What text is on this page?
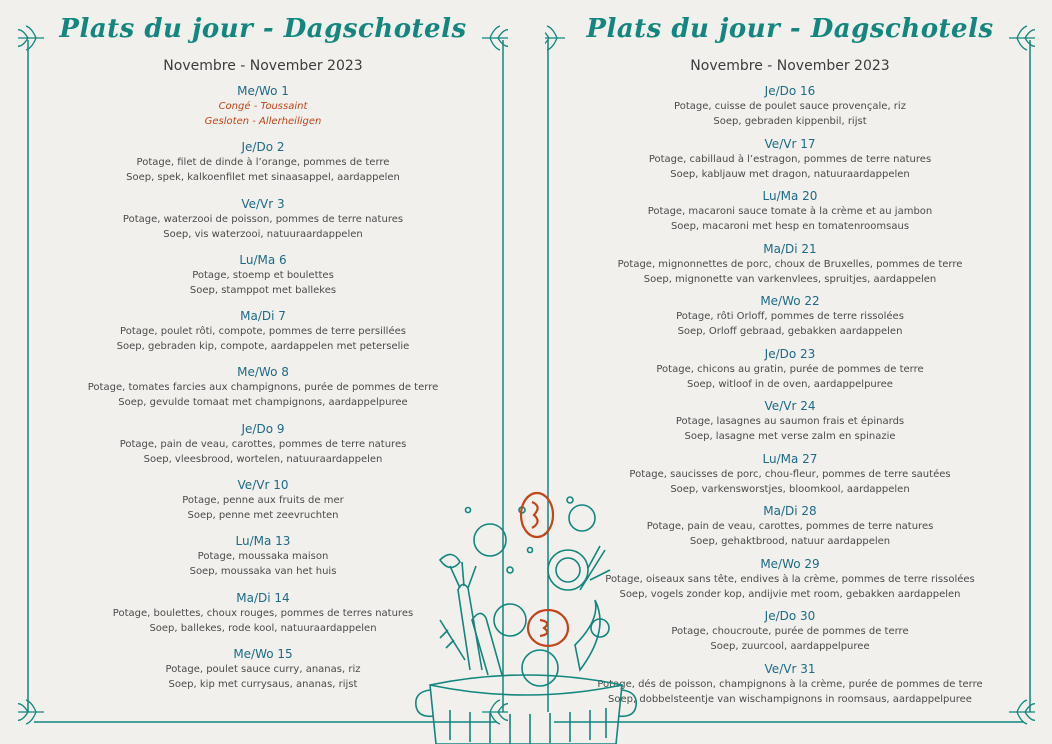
Plats du jour - Dagschotels
Novembre - November 2023
Me/Wo 1
Congé - Toussaint
Gesloten - Allerheiligen
Je/Do 2
Potage, filet de dinde à l’orange, pommes de terre
Soep, spek, kalkoenfilet met sinaasappel, aardappelen
Ve/Vr 3
Potage, waterzooi de poisson, pommes de terre natures
Soep, vis waterzooi, natuuraardappelen
Lu/Ma 6
Potage, stoemp et boulettes
Soep, stamppot met ballekes
Ma/Di 7
Potage, poulet rôti, compote, pommes de terre persillées
Soep, gebraden kip, compote, aardappelen met peterselie
Me/Wo 8
Potage, tomates farcies aux champignons, purée de pommes de terre
Soep, gevulde tomaat met champignons, aardappelpuree
Je/Do 9
Potage, pain de veau, carottes, pommes de terre natures
Soep, vleesbrood, wortelen, natuuraardappelen
Ve/Vr 10
Potage, penne aux fruits de mer
Soep, penne met zeevruchten
Lu/Ma 13
Potage, moussaka maison
Soep, moussaka van het huis
Ma/Di 14
Potage, boulettes, choux rouges, pommes de terres natures
Soep, ballekes, rode kool, natuuraardappelen
Me/Wo 15
Potage, poulet sauce curry, ananas, riz
Soep, kip met currysaus, ananas, rijst
Plats du jour - Dagschotels
Novembre - November 2023
Je/Do 16
Potage, cuisse de poulet sauce provençale, riz
Soep, gebraden kippenbil, rijst
Ve/Vr 17
Potage, cabillaud à l’estragon, pommes de terre natures
Soep, kabljauw met dragon, natuuraardappelen
Lu/Ma 20
Potage, macaroni sauce tomate à la crème et au jambon
Soep, macaroni met hesp en tomatenroomsaus
Ma/Di 21
Potage, mignonnettes de porc, choux de Bruxelles, pommes de terre
Soep, mignonette van varkenvlees, spruitjes, aardappelen
Me/Wo 22
Potage, rôti Orloff, pommes de terre rissolées
Soep, Orloff gebraad, gebakken aardappelen
Je/Do 23
Potage, chicons au gratin, purée de pommes de terre
Soep, witloof in de oven, aardappelpuree
Ve/Vr 24
Potage, lasagnes au saumon frais et épinards
Soep, lasagne met verse zalm en spinazie
Lu/Ma 27
Potage, saucisses de porc, chou-fleur, pommes de terre sautées
Soep, varkensworstjes, bloomkool, aardappelen
Ma/Di 28
Potage, pain de veau, carottes, pommes de terre natures
Soep, gehaktbrood, natuur aardappelen
Me/Wo 29
Potage, oiseaux sans tête, endives à la crème, pommes de terre rissolées
Soep, vogels zonder kop, andijvie met room, gebakken aardappelen
Je/Do 30
Potage, choucroute, purée de pommes de terre
Soep, zuurcool, aardappelpuree
Ve/Vr 31
Potage, dés de poisson, champignons à la crème, purée de pommes de terre
Soep, dobbelsteentje van wischampignons in roomsaus, aardappelpuree
